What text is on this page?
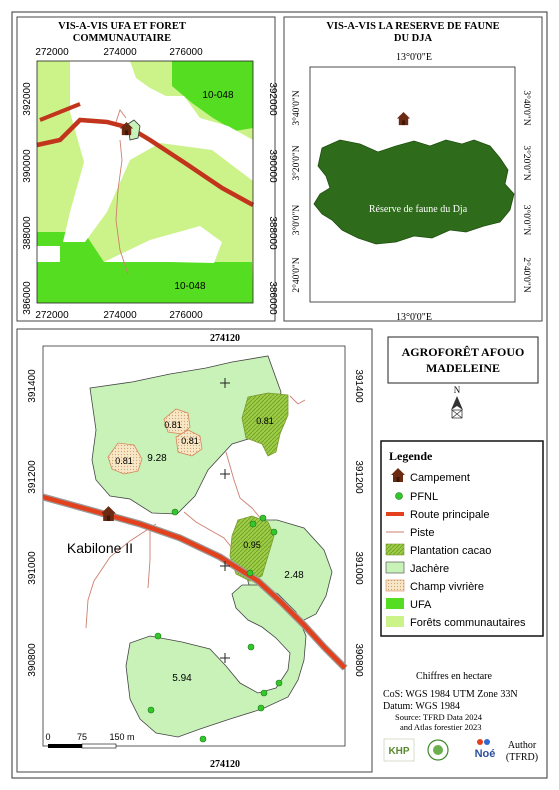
VIS-A-VIS UFA ET FORET
COMMUNAUTAIRE
272000	274000	276000
272000	274000	276000
392000
390000
388000
386000
392000
390000
388000
386000
10-048
10-048
VIS-A-VIS LA RESERVE DE FAUNE
DU DJA
13°0'0"E
13°0'0"E
3°40'0"N
3°20'0"N
3°0'0"N
2°40'0"N
3°40'0"N
3°20'0"N
3°0'0"N
2°40'0"N
Réserve de faune du Dja
274120
274120
391400
391200
391000
390800
391400
391200
391000
390800
9.28
0.81
0.81
0.81
0.81
0.95
2.48
5.94
Kabilone II
0	75 150 m
AGROFORÊT AFOUO
MADELEINE
N
Legende
Campement
PFNL
Route principale
Piste
Plantation cacao
Jachère
Champ vivrière
UFA
Forêts communautaires
Chiffres en hectare
CoS: WGS 1984 UTM Zone 33N
Datum: WGS 1984
Source: TFRD Data 2024
and Atlas forestier 2023
KHP	Noé
Author
(TFRD)
